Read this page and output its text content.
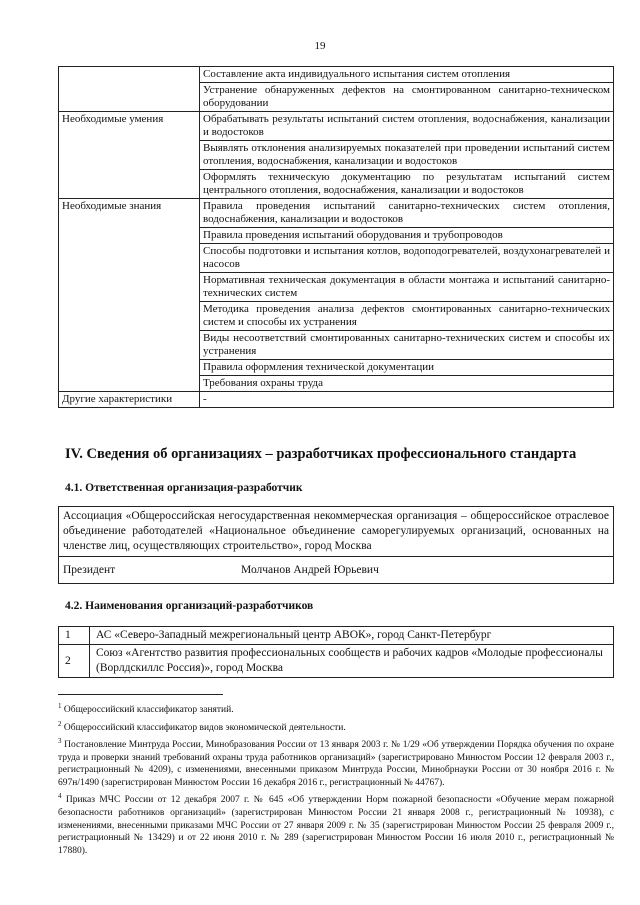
19
	Составление акта индивидуального испытания систем отопления
	Устранение обнаруженных дефектов на смонтированном санитарно-техническом оборудовании
Необходимые умения	Обрабатывать результаты испытаний систем отопления, водоснабжения, канализации и водостоков
	Выявлять отклонения анализируемых показателей при проведении испытаний систем отопления, водоснабжения, канализации и водостоков
	Оформлять техническую документацию по результатам испытаний систем центрального отопления, водоснабжения, канализации и водостоков
Необходимые знания	Правила проведения испытаний санитарно-технических систем отопления, водоснабжения, канализации и водостоков
	Правила проведения испытаний оборудования и трубопроводов
	Способы подготовки и испытания котлов, водоподогревателей, воздухонагревателей и насосов
	Нормативная техническая документация в области монтажа и испытаний санитарно-технических систем
	Методика проведения анализа дефектов смонтированных санитарно-технических систем и способы их устранения
	Виды несоответствий смонтированных санитарно-технических систем и способы их устранения
	Правила оформления технической документации
	Требования охраны труда
Другие характеристики	-
IV. Сведения об организациях – разработчиках профессионального стандарта
4.1. Ответственная организация-разработчик
Ассоциация «Общероссийская негосударственная некоммерческая организация – общероссийское отраслевое объединение работодателей «Национальное объединение саморегулируемых организаций, основанных на членстве лиц, осуществляющих строительство», город Москва
Президент	Молчанов Андрей Юрьевич
4.2. Наименования организаций-разработчиков
1	АС «Северо-Западный межрегиональный центр АВОК», город Санкт-Петербург
2	Союз «Агентство развития профессиональных сообществ и рабочих кадров «Молодые профессионалы (Ворлдскиллс Россия)», город Москва

$^1$ Общероссийский классификатор занятий.

$^2$ Общероссийский классификатор видов экономической деятельности.

$^3$ Постановление Минтруда России, Минобразования России от 13 января 2003 г. № 1/29 «Об утверждении Порядка обучения по охране труда и проверки знаний требований охраны труда работников организаций» (зарегистрировано Минюстом России 12 февраля 2003 г., регистрационный № 4209), с изменениями, внесенными приказом Минтруда России, Минобрнауки России от 30 ноября 2016 г. № 697н/1490 (зарегистрирован Минюстом России 16 декабря 2016 г., регистрационный № 44767).

$^4$ Приказ МЧС России от 12 декабря 2007 г. № 645 «Об утверждении Норм пожарной безопасности «Обучение мерам пожарной безопасности работников организаций» (зарегистрирован Минюстом России 21 января 2008 г., регистрационный № 10938), с изменениями, внесенными приказами МЧС России от 27 января 2009 г. № 35 (зарегистрирован Минюстом России 25 февраля 2009 г., регистрационный № 13429) и от 22 июня 2010 г. № 289 (зарегистрирован Минюстом России 16 июля 2010 г., регистрационный № 17880).
